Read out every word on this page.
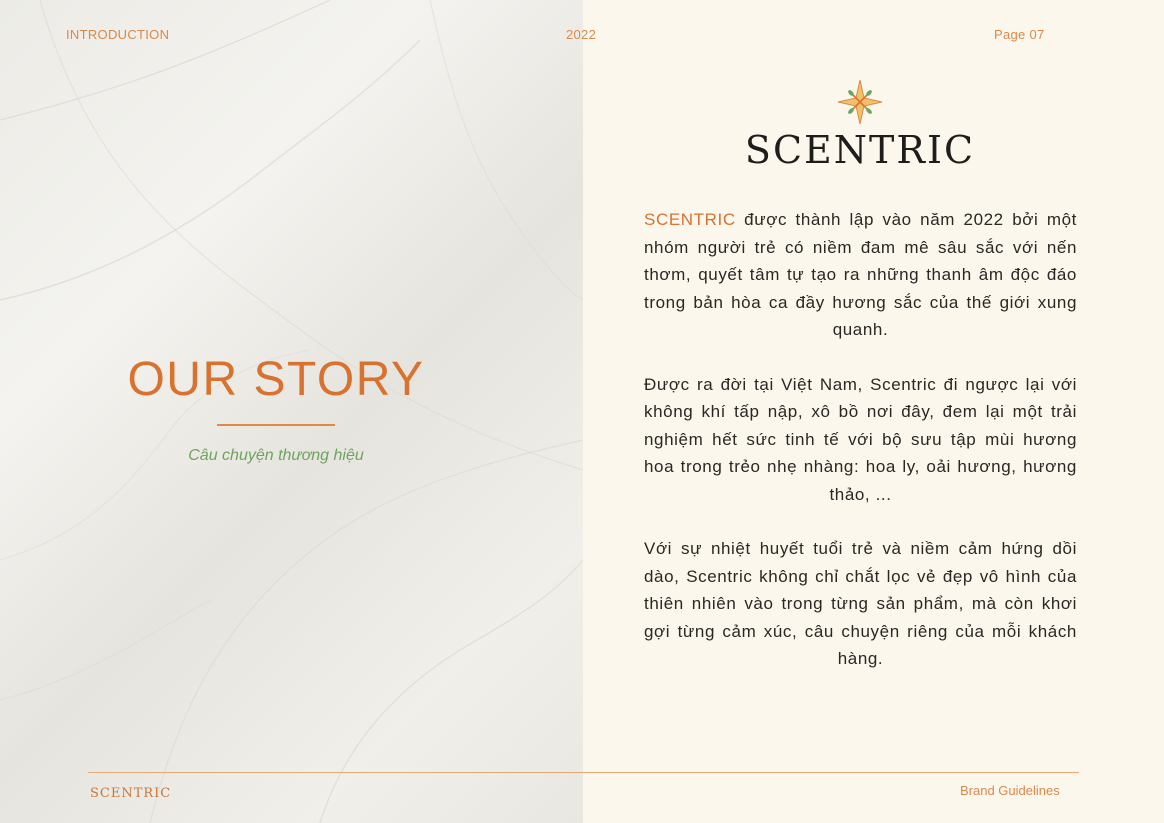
INTRODUCTION	2022	Page 07
OUR STORY
Câu chuyện thương hiệu
SCENTRIC

SCENTRIC được thành lập vào năm 2022 bởi một nhóm người trẻ có niềm đam mê sâu sắc với nến thơm, quyết tâm tự tạo ra những thanh âm độc đáo trong bản hòa ca đầy hương sắc của thế giới xung quanh.

Được ra đời tại Việt Nam, Scentric đi ngược lại với không khí tấp nập, xô bồ nơi đây, đem lại một trải nghiệm hết sức tinh tế với bộ sưu tập mùi hương hoa trong trẻo nhẹ nhàng: hoa ly, oải hương, hương thảo, ...

Với sự nhiệt huyết tuổi trẻ và niềm cảm hứng dồi dào, Scentric không chỉ chắt lọc vẻ đẹp vô hình của thiên nhiên vào trong từng sản phẩm, mà còn khơi gợi từng cảm xúc, câu chuyện riêng của mỗi khách hàng.

SCENTRIC	Brand Guidelines
